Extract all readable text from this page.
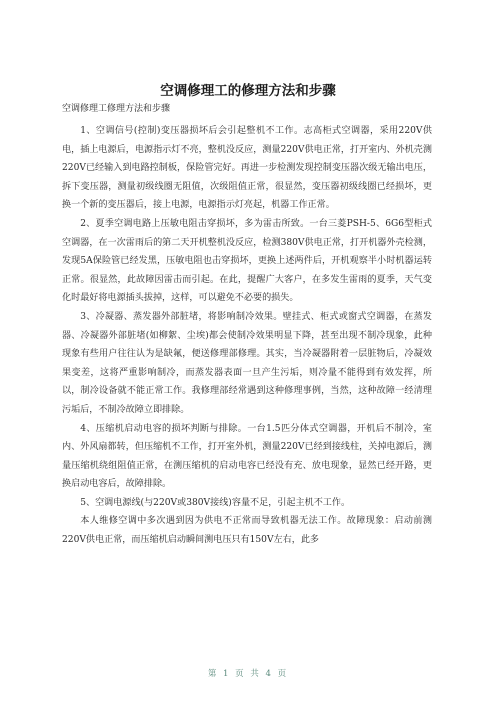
空调修理工的修理方法和步骤
空调修理工修理方法和步骤

1、空调信号(控制)变压器损坏后会引起整机不工作。志高柜式空调器，采用220V供电，插上电源后，电源指示灯不亮，整机没反应，测量220V供电正常，打开室内、外机壳测220V已经输入到电路控制板，保险管完好。再进一步检测发现控制变压器次级无输出电压，拆下变压器，测量初级线圈无阻值，次级阻值正常，很显然，变压器初级线圈已经损坏，更换一个新的变压器后，接上电源，电源指示灯亮起，机器工作正常。

2、夏季空调电路上压敏电阻击穿损坏，多为雷击所致。一台三菱PSH-5、6G6型柜式空调器，在一次雷雨后的第二天开机整机没反应，检测380V供电正常，打开机器外壳检测，发现5A保险管已经发黑，压敏电阻也击穿损坏，更换上述两件后，开机观察半小时机器运转正常。很显然，此故障因雷击而引起。在此，提醒广大客户，在多发生雷雨的夏季，天气变化时最好将电源插头拔掉，这样，可以避免不必要的损失。

3、冷凝器、蒸发器外部脏堵，将影响制冷效果。壁挂式、柜式或窗式空调器，在蒸发器、冷凝器外部脏堵(如柳絮、尘埃)都会使制冷效果明显下降，甚至出现不制冷现象，此种现象有些用户往往认为是缺氟，便送修理部修理。其实，当冷凝器附着一层脏物后，冷凝效果变差，这将严重影响制冷，而蒸发器表面一旦产生污垢，则冷量不能得到有效发挥，所以，制冷设备就不能正常工作。我修理部经常遇到这种修理事例，当然，这种故障一经清理污垢后，不制冷故障立即排除。

4、压缩机启动电容的损坏判断与排除。一台1.5匹分体式空调器，开机后不制冷，室内、外风扇都转，但压缩机不工作，打开室外机，测量220V已经到接线柱，关掉电源后，测量压缩机绕组阻值正常，在测压缩机的启动电容已经没有充、放电现象，显然已经开路，更换启动电容后，故障排除。

5、空调电源线(与220V或380V接线)容量不足，引起主机不工作。

本人维修空调中多次遇到因为供电不正常而导致机器无法工作。故障现象：启动前测220V供电正常，而压缩机启动瞬间测电压只有150V左右，此多

第 1 页 共 4 页
